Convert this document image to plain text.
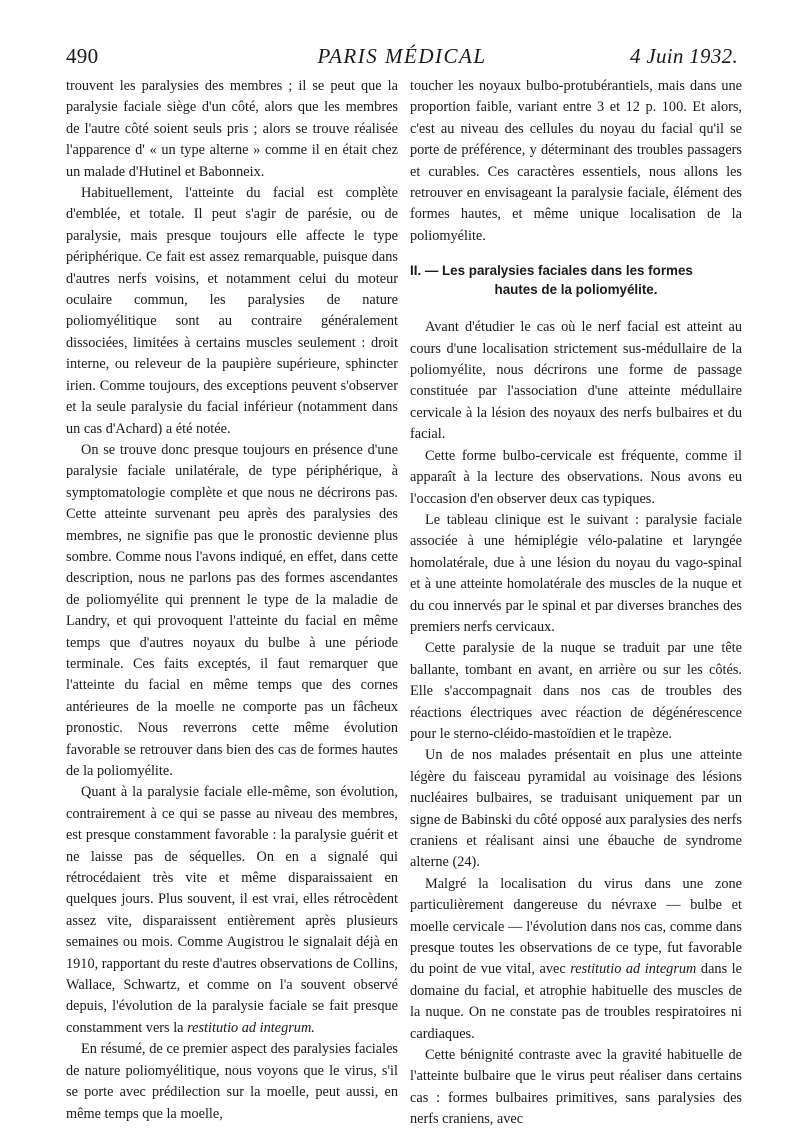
490	PARIS MÉDICAL	4 Juin 1932.

trouvent les paralysies des membres ; il se peut que la paralysie faciale siège d'un côté, alors que les membres de l'autre côté soient seuls pris ; alors se trouve réalisée l'apparence d' « un type alterne » comme il en était chez un malade d'Hutinel et Babonneix.

Habituellement, l'atteinte du facial est complète d'emblée, et totale. Il peut s'agir de parésie, ou de paralysie, mais presque toujours elle affecte le type périphérique. Ce fait est assez remarquable, puisque dans d'autres nerfs voisins, et notamment celui du moteur oculaire commun, les paralysies de nature poliomyélitique sont au contraire généralement dissociées, limitées à certains muscles seulement : droit interne, ou releveur de la paupière supérieure, sphincter irien. Comme toujours, des exceptions peuvent s'observer et la seule paralysie du facial inférieur (notamment dans un cas d'Achard) a été notée.

On se trouve donc presque toujours en présence d'une paralysie faciale unilatérale, de type périphérique, à symptomatologie complète et que nous ne décrirons pas. Cette atteinte survenant peu après des paralysies des membres, ne signifie pas que le pronostic devienne plus sombre. Comme nous l'avons indiqué, en effet, dans cette description, nous ne parlons pas des formes ascendantes de poliomyélite qui prennent le type de la maladie de Landry, et qui provoquent l'atteinte du facial en même temps que d'autres noyaux du bulbe à une période terminale. Ces faits exceptés, il faut remarquer que l'atteinte du facial en même temps que des cornes antérieures de la moelle ne comporte pas un fâcheux pronostic. Nous reverrons cette même évolution favorable se retrouver dans bien des cas de formes hautes de la poliomyélite.

Quant à la paralysie faciale elle-même, son évolution, contrairement à ce qui se passe au niveau des membres, est presque constamment favorable : la paralysie guérit et ne laisse pas de séquelles. On en a signalé qui rétrocédaient très vite et même disparaissaient en quelques jours. Plus souvent, il est vrai, elles rétrocèdent assez vite, disparaissent entièrement après plusieurs semaines ou mois. Comme Augistrou le signalait déjà en 1910, rapportant du reste d'autres observations de Collins, Wallace, Schwartz, et comme on l'a souvent observé depuis, l'évolution de la paralysie faciale se fait presque constamment vers la restitutio ad integrum.

En résumé, de ce premier aspect des paralysies faciales de nature poliomyélitique, nous voyons que le virus, s'il se porte avec prédilection sur la moelle, peut aussi, en même temps que la moelle,

toucher les noyaux bulbo-protubérantiels, mais dans une proportion faible, variant entre 3 et 12 p. 100. Et alors, c'est au niveau des cellules du noyau du facial qu'il se porte de préférence, y déterminant des troubles passagers et curables. Ces caractères essentiels, nous allons les retrouver en envisageant la paralysie faciale, élément des formes hautes, et même unique localisation de la poliomyélite.

II. — Les paralysies faciales dans les formes
hautes de la poliomyélite.

Avant d'étudier le cas où le nerf facial est atteint au cours d'une localisation strictement sus-médullaire de la poliomyélite, nous décrirons une forme de passage constituée par l'association d'une atteinte médullaire cervicale à la lésion des noyaux des nerfs bulbaires et du facial.

Cette forme bulbo-cervicale est fréquente, comme il apparaît à la lecture des observations. Nous avons eu l'occasion d'en observer deux cas typiques.

Le tableau clinique est le suivant : paralysie faciale associée à une hémiplégie vélo-palatine et laryngée homolatérale, due à une lésion du noyau du vago-spinal et à une atteinte homolatérale des muscles de la nuque et du cou innervés par le spinal et par diverses branches des premiers nerfs cervicaux.

Cette paralysie de la nuque se traduit par une tête ballante, tombant en avant, en arrière ou sur les côtés. Elle s'accompagnait dans nos cas de troubles des réactions électriques avec réaction de dégénérescence pour le sterno-cléido-mastoïdien et le trapèze.

Un de nos malades présentait en plus une atteinte légère du faisceau pyramidal au voisinage des lésions nucléaires bulbaires, se traduisant uniquement par un signe de Babinski du côté opposé aux paralysies des nerfs craniens et réalisant ainsi une ébauche de syndrome alterne (24).

Malgré la localisation du virus dans une zone particulièrement dangereuse du névraxe — bulbe et moelle cervicale — l'évolution dans nos cas, comme dans presque toutes les observations de ce type, fut favorable du point de vue vital, avec restitutio ad integrum dans le domaine du facial, et atrophie habituelle des muscles de la nuque. On ne constate pas de troubles respiratoires ni cardiaques.

Cette bénignité contraste avec la gravité habituelle de l'atteinte bulbaire que le virus peut réaliser dans certains cas : formes bulbaires primitives, sans paralysies des nerfs craniens, avec
